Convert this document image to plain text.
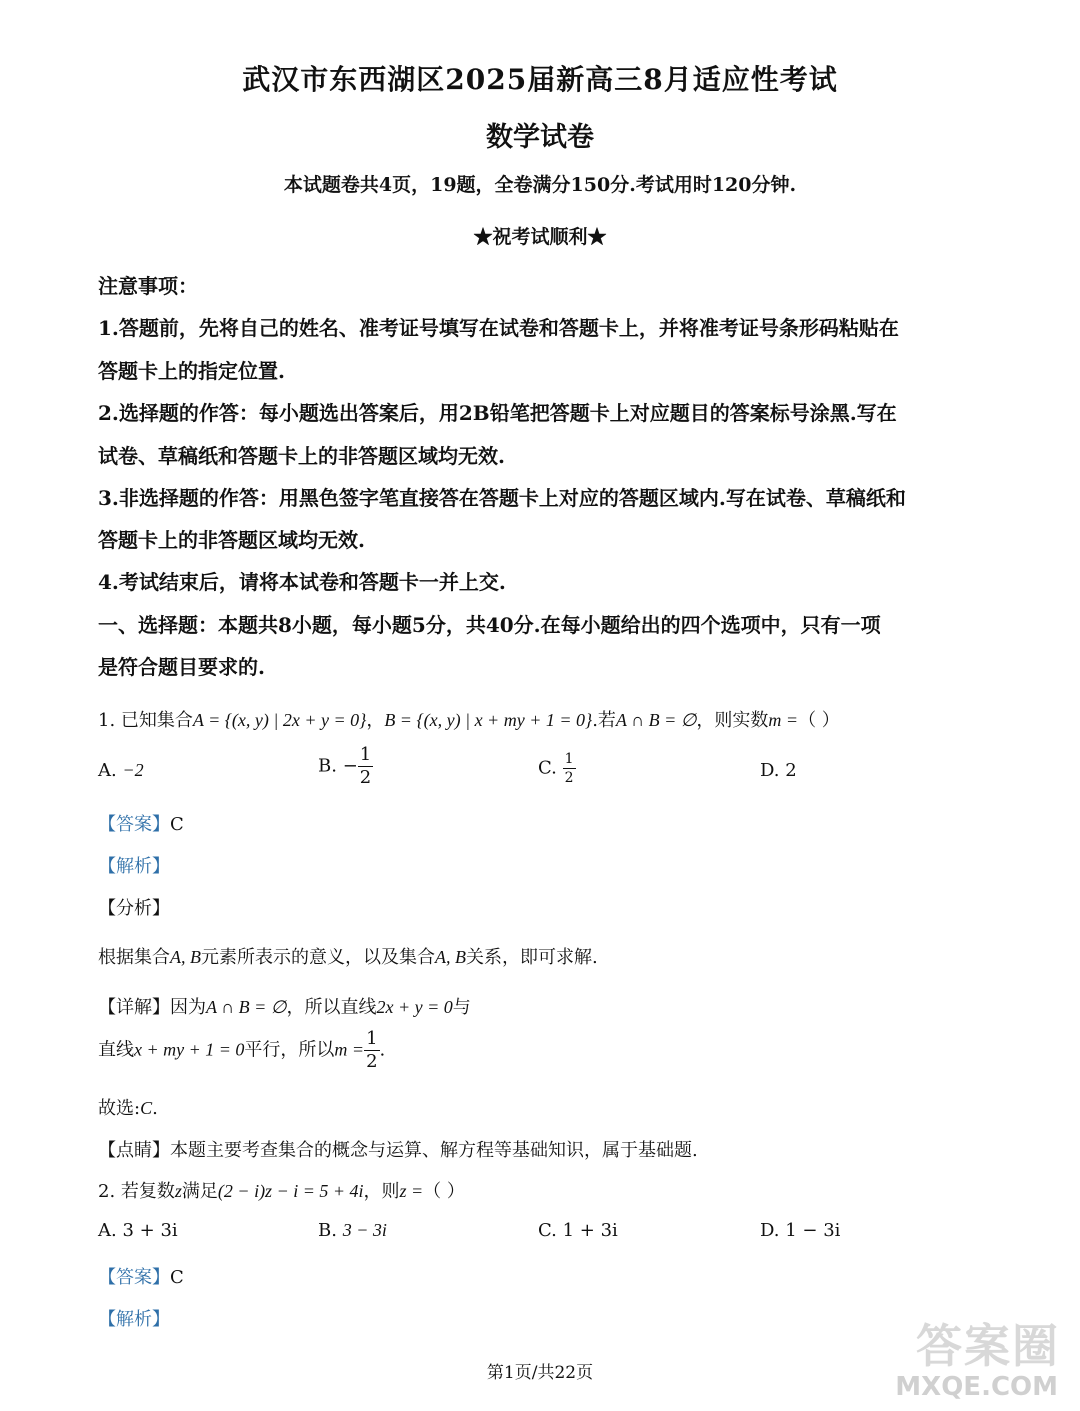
武汉市东西湖区2025届新高三8月适应性考试
数学试卷
本试题卷共4页，19题，全卷满分150分.考试用时120分钟.
★祝考试顺利★
注意事项：
1.答题前，先将自己的姓名、准考证号填写在试卷和答题卡上，并将准考证号条形码粘贴在
答题卡上的指定位置.
2.选择题的作答：每小题选出答案后，用2B铅笔把答题卡上对应题目的答案标号涂黑.写在
试卷、草稿纸和答题卡上的非答题区域均无效.
3.非选择题的作答：用黑色签字笔直接答在答题卡上对应的答题区域内.写在试卷、草稿纸和
答题卡上的非答题区域均无效.
4.考试结束后，请将本试卷和答题卡一并上交.
一、选择题：本题共8小题，每小题5分，共40分.在每小题给出的四个选项中，只有一项
是符合题目要求的.
1. 已知集合A = {(x, y) | 2x + y = 0}，B = {(x, y) | x + my + 1 = 0}.若A ∩ B = ∅，则实数m =（ ）
A. −2	B. − $\frac{1}{2}$	C. $\frac{1}{2}$	D. 2
【答案】C
【解析】
【分析】
根据集合A, B元素所表示的意义，以及集合A, B关系，即可求解.
【详解】因为A ∩ B = ∅，所以直线2x + y = 0与
直线x + my + 1 = 0平行，所以$m = \frac{1}{2}$ .
故选:C.
【点睛】本题主要考查集合的概念与运算、解方程等基础知识，属于基础题.
2. 若复数z满足(2 − i)z − i = 5 + 4i，则z =（ ）
A. 3 + 3i	B. 3 − 3i	C. 1 + 3i	D. 1 − 3i
【答案】C
【解析】
第1页/共22页	答案圈
MXQE.COM
